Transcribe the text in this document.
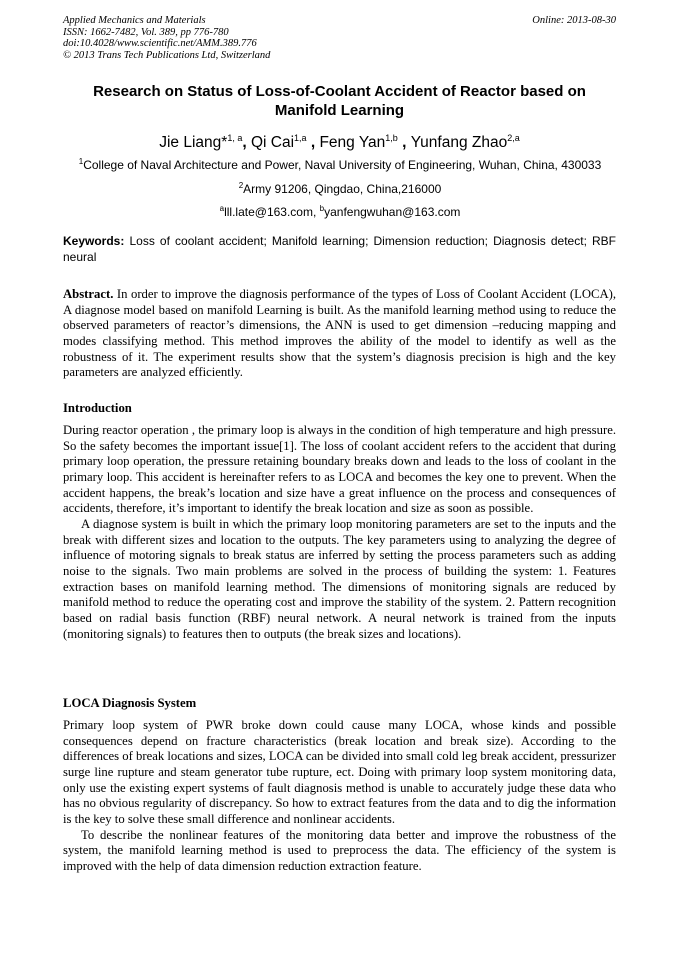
Applied Mechanics and Materials
ISSN: 1662-7482, Vol. 389, pp 776-780
doi:10.4028/www.scientific.net/AMM.389.776
© 2013 Trans Tech Publications Ltd, Switzerland
Online: 2013-08-30
Research on Status of Loss-of-Coolant Accident of Reactor based on Manifold Learning
Jie Liang*$^{1, a}$, Qi Cai$^{1,a}$ , Feng Yan$^{1,b}$ , Yunfang Zhao$^{2,a}$
$^1$College of Naval Architecture and Power, Naval University of Engineering, Wuhan, China, 430033
$^2$Army 91206, Qingdao, China,216000
$^a$lll.late@163.com, $^b$yanfengwuhan@163.com
Keywords: Loss of coolant accident; Manifold learning; Dimension reduction; Diagnosis detect; RBF neural
Abstract. In order to improve the diagnosis performance of the types of Loss of Coolant Accident (LOCA), A diagnose model based on manifold Learning is built. As the manifold learning method using to reduce the observed parameters of reactor’s dimensions, the ANN is used to get dimension –reducing mapping and modes classifying method. This method improves the ability of the model to identify as well as the robustness of it. The experiment results show that the system’s diagnosis precision is high and the key parameters are analyzed efficiently.
Introduction

During reactor operation , the primary loop is always in the condition of high temperature and high pressure. So the safety becomes the important issue[1]. The loss of coolant accident refers to the accident that during primary loop operation, the pressure retaining boundary breaks down and leads to the loss of coolant in the primary loop. This accident is hereinafter refers to as LOCA and becomes the key one to prevent. When the accident happens, the break’s location and size have a great influence on the process and consequences of accidents, therefore, it’s important to identify the break location and size as soon as possible.

A diagnose system is built in which the primary loop monitoring parameters are set to the inputs and the break with different sizes and location to the outputs. The key parameters using to analyzing the degree of influence of motoring signals to break status are inferred by setting the process parameters such as adding noise to the signals. Two main problems are solved in the process of building the system: 1. Features extraction bases on manifold learning method. The dimensions of monitoring signals are reduced by manifold method to reduce the operating cost and improve the stability of the system. 2. Pattern recognition based on radial basis function (RBF) neural network. A neural network is trained from the inputs (monitoring signals) to features then to outputs (the break sizes and locations).

LOCA Diagnosis System

Primary loop system of PWR broke down could cause many LOCA, whose kinds and possible consequences depend on fracture characteristics (break location and break size). According to the differences of break locations and sizes, LOCA can be divided into small cold leg break accident, pressurizer surge line rupture and steam generator tube rupture, ect. Doing with primary loop system monitoring data, only use the existing expert systems of fault diagnosis method is unable to accurately judge these data who has no obvious regularity of discrepancy. So how to extract features from the data and to dig the information is the key to solve these small difference and nonlinear accidents.

To describe the nonlinear features of the monitoring data better and improve the robustness of the system, the manifold learning method is used to preprocess the data. The efficiency of the system is improved with the help of data dimension reduction extraction feature.
